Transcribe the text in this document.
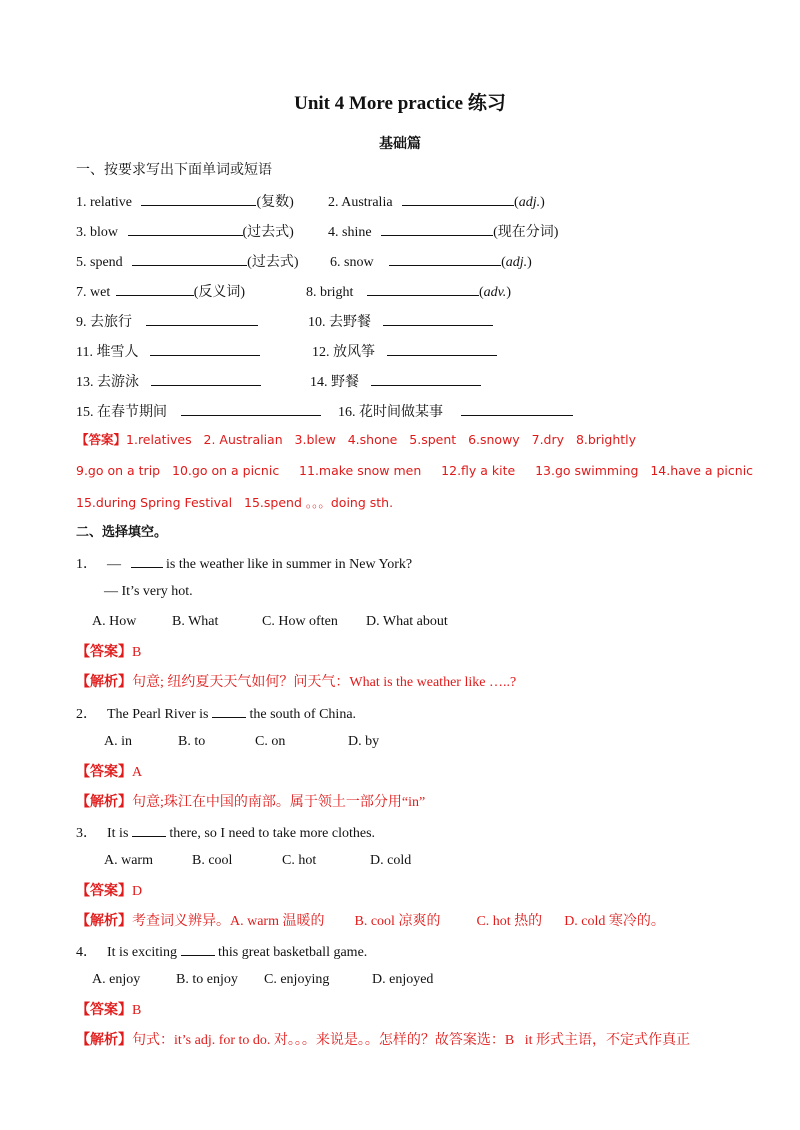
Unit 4 More practice 练习
基础篇
一、按要求写出下面单词或短语
1. relative	(复数) 2. Australia	(adj.)
3. blow	(过去式) 4. shine	(现在分词)
5. spend	(过去式) 6. snow	(adj.)
7. wet	(反义词)	8. bright	(adv.)
9. 去旅行	10. 去野餐
11. 堆雪人	12. 放风筝
13. 去游泳	14. 野餐
15. 在春节期间	16. 花时间做某事
【答案】1.relatives   2. Australian   3.blew   4.shone   5.spent   6.snowy   7.dry   8.brightly
9.go on a trip   10.go on a picnic     11.make snow men     12.fly a kite     13.go swimming   14.have a picnic
15.during Spring Festival   15.spend 。。。doing sth.
二、选择填空。
1． —	is the weather like in summer in New York?
— It’s very hot.
A. How	B. What	C. How often D. What about
【答案】B
【解析】句意; 纽约夏天天气如何？问天气：What is the weather like …..?
2． The Pearl River is  the south of China.
A. in	B. to	C. on	D. by
【答案】A
【解析】句意;珠江在中国的南部。属于领土一部分用“in”
3． It is  there, so I need to take more clothes.
A. warm	B. cool	C. hot	D. cold
【答案】D
【解析】考查词义辨异。A. warm 温暖的 B. cool 凉爽的	C. hot 热的 D. cold 寒冷的。
4． It is exciting  this great basketball game.
A. enjoy	B. to enjoy C. enjoying	D. enjoyed
【答案】B
【解析】句式：it’s adj. for to do. 对。。。来说是。。怎样的？故答案选：B   it 形式主语，不定式作真正
